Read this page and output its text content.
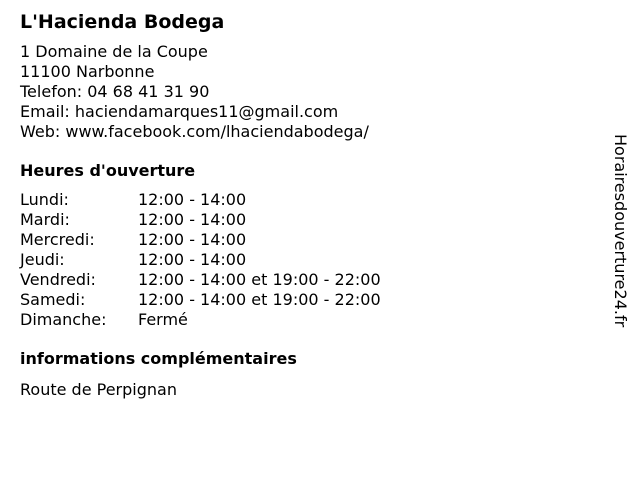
L'Hacienda Bodega
1 Domaine de la Coupe
11100 Narbonne
Telefon: 04 68 41 31 90
Email: haciendamarques11@gmail.com
Web: www.facebook.com/lhaciendabodega/
Heures d'ouverture
Lundi:	12:00 - 14:00
Mardi:	12:00 - 14:00
Mercredi:	12:00 - 14:00
Jeudi:	12:00 - 14:00
Vendredi:	12:00 - 14:00 et 19:00 - 22:00
Samedi:	12:00 - 14:00 et 19:00 - 22:00
Dimanche:	Fermé
informations complémentaires
Route de Perpignan
Horairesdouverture24.fr
